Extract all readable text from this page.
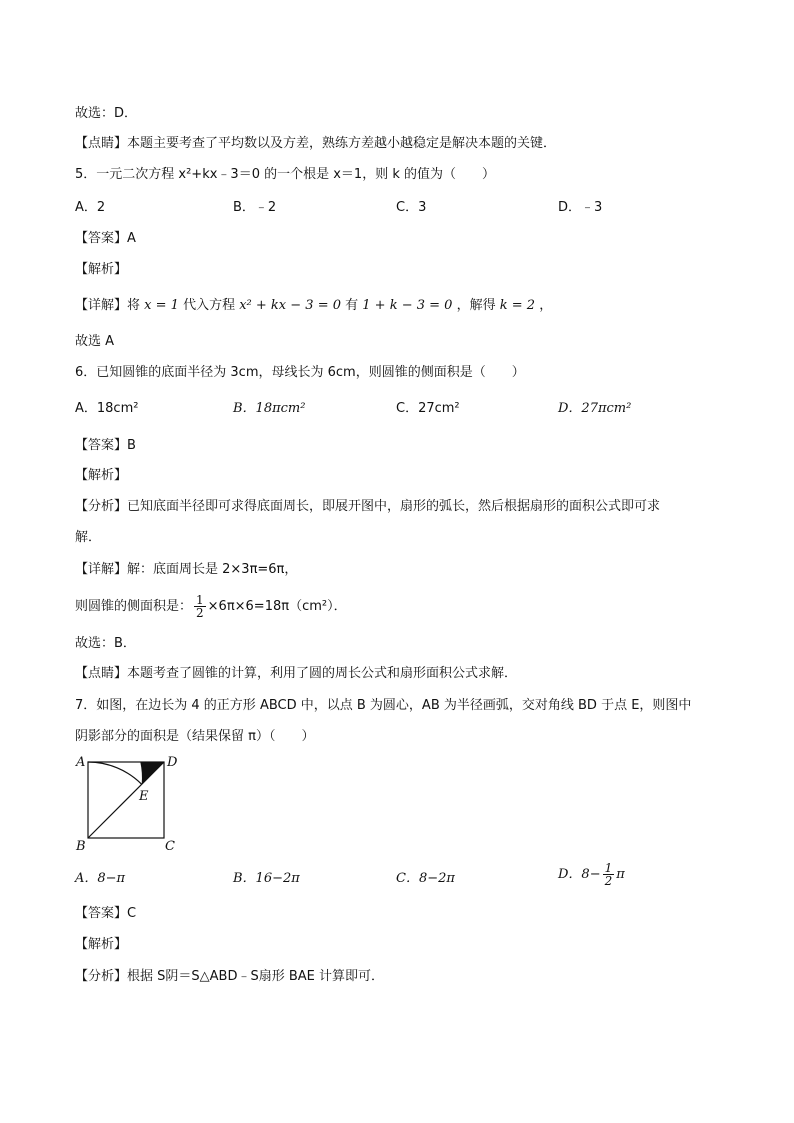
故选：D．
【点睛】本题主要考查了平均数以及方差，熟练方差越小越稳定是解决本题的关键．
5．一元二次方程 x²+kx﹣3＝0 的一个根是 x＝1，则 k 的值为（　　）
A．2	B．﹣2	C．3	D．﹣3
【答案】A
【解析】
【详解】将 x = 1 代入方程 x² + kx − 3 = 0 有 1 + k − 3 = 0 ，解得 k = 2 ，
故选 A
6．已知圆锥的底面半径为 3cm，母线长为 6cm，则圆锥的侧面积是（　　）
A．18cm²	B．18πcm²	C．27cm²	D．27πcm²
【答案】B
【解析】
【分析】已知底面半径即可求得底面周长，即展开图中，扇形的弧长，然后根据扇形的面积公式即可求
解．
【详解】解：底面周长是 2×3π=6π，
则圆锥的侧面积是： $\frac{1}{2} \times 6\pi\times 6=18\pi(cm^2)$．
故选：B．
【点睛】本题考查了圆锥的计算，利用了圆的周长公式和扇形面积公式求解．
7．如图，在边长为 4 的正方形 ABCD 中，以点 B 为圆心，AB 为半径画弧，交对角线 BD 于点 E，则图中
阴影部分的面积是（结果保留 π）（　　）
A	D
E
B	C
A．8−π	B．16−2π	C．8−2π	D．$8- \frac{1}{2}$ π
【答案】C
【解析】
【分析】根据 S阴＝S△ABD﹣S扇形 BAE 计算即可．
